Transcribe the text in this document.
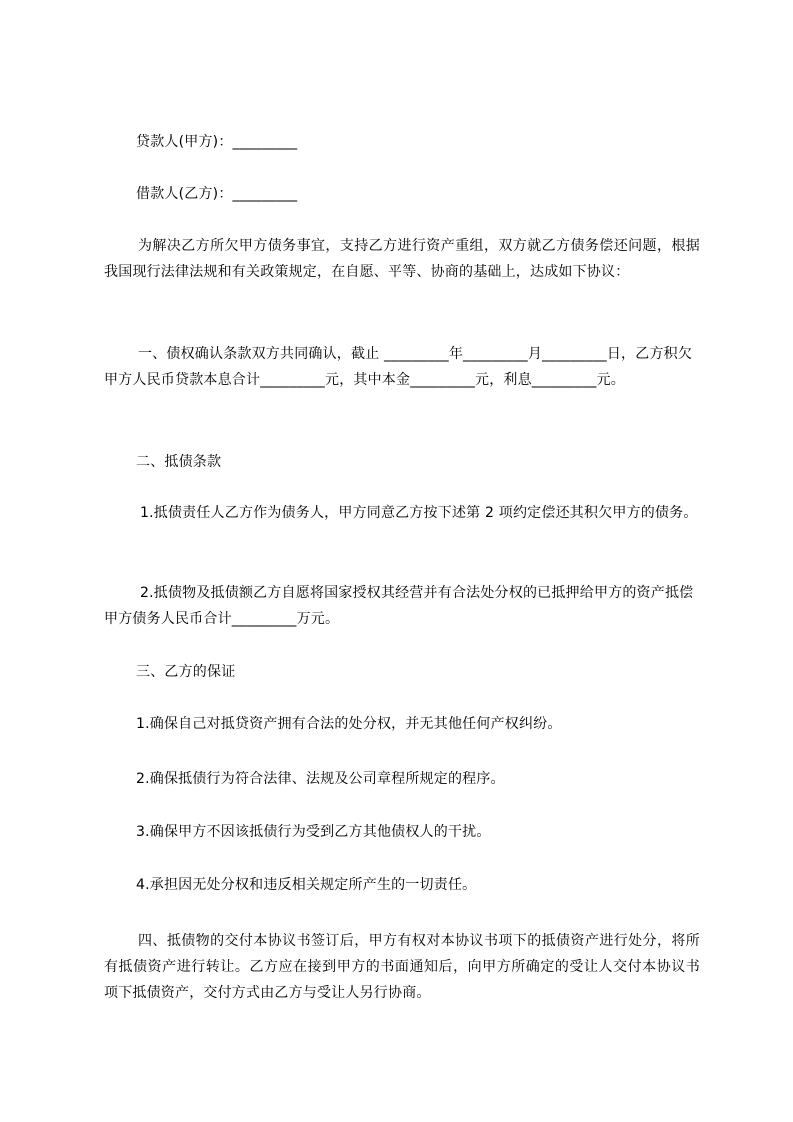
贷款人(甲方)：_________
借款人(乙方)：_________
为解决乙方所欠甲方债务事宜，支持乙方进行资产重组，双方就乙方债务偿还问题，根据我国现行法律法规和有关政策规定，在自愿、平等、协商的基础上，达成如下协议：
一、债权确认条款双方共同确认，截止 _________年_________月_________日，乙方积欠甲方人民币贷款本息合计_________元，其中本金_________元，利息_________元。
二、抵债条款
1.抵债责任人乙方作为债务人，甲方同意乙方按下述第 2 项约定偿还其积欠甲方的债务。
2.抵债物及抵债额乙方自愿将国家授权其经营并有合法处分权的已抵押给甲方的资产抵偿甲方债务人民币合计_________万元。
三、乙方的保证
1.确保自己对抵贷资产拥有合法的处分权，并无其他任何产权纠纷。
2.确保抵债行为符合法律、法规及公司章程所规定的程序。
3.确保甲方不因该抵债行为受到乙方其他债权人的干扰。
4.承担因无处分权和违反相关规定所产生的一切责任。
四、抵债物的交付本协议书签订后，甲方有权对本协议书项下的抵债资产进行处分，将所有抵债资产进行转让。乙方应在接到甲方的书面通知后，向甲方所确定的受让人交付本协议书项下抵债资产，交付方式由乙方与受让人另行协商。
